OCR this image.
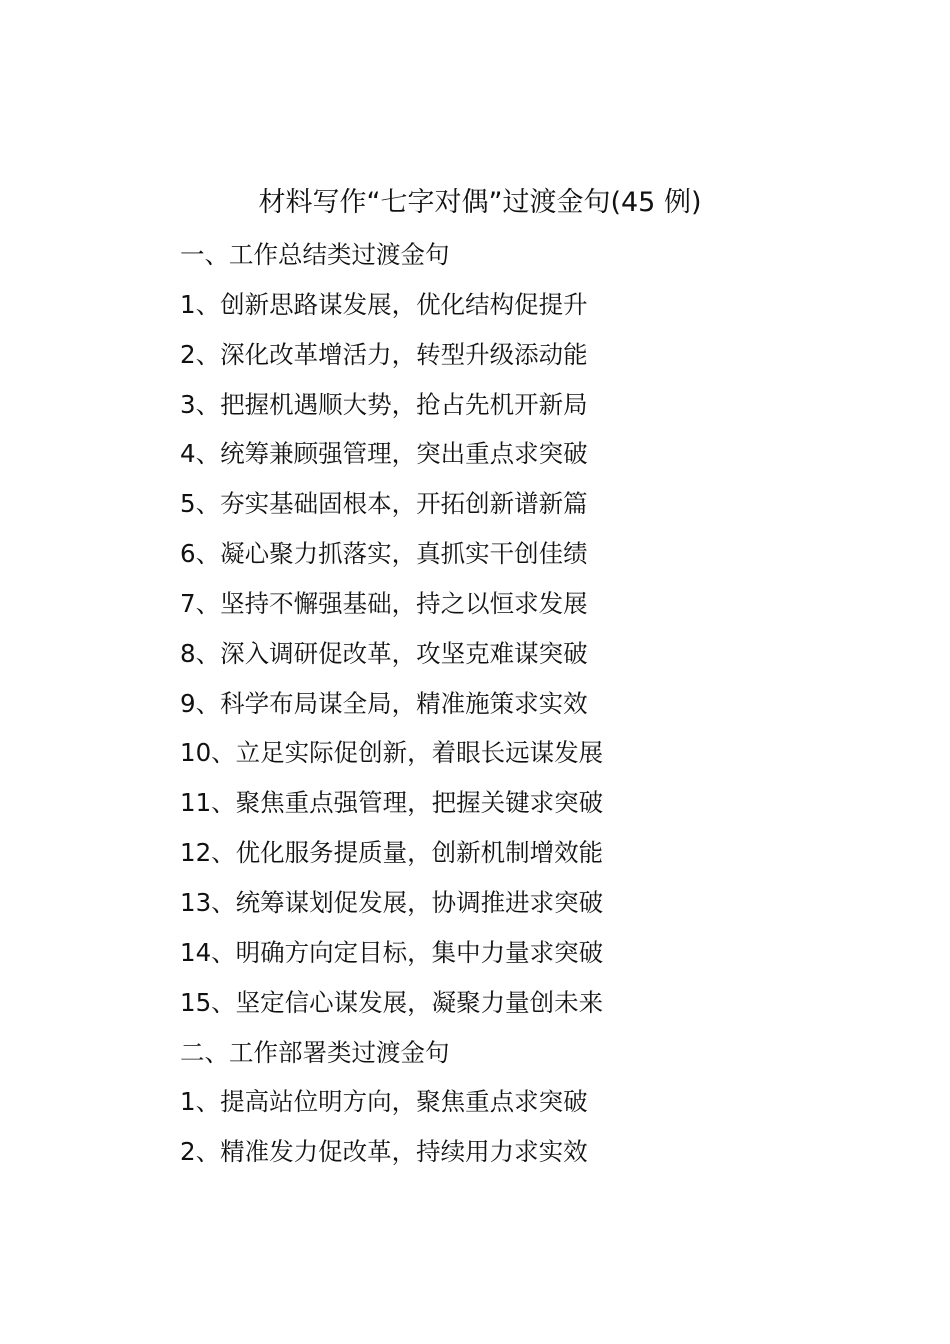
材料写作“七字对偶”过渡金句(45 例)
一、工作总结类过渡金句
1、创新思路谋发展，优化结构促提升
2、深化改革增活力，转型升级添动能
3、把握机遇顺大势，抢占先机开新局
4、统筹兼顾强管理，突出重点求突破
5、夯实基础固根本，开拓创新谱新篇
6、凝心聚力抓落实，真抓实干创佳绩
7、坚持不懈强基础，持之以恒求发展
8、深入调研促改革，攻坚克难谋突破
9、科学布局谋全局，精准施策求实效
10、立足实际促创新，着眼长远谋发展
11、聚焦重点强管理，把握关键求突破
12、优化服务提质量，创新机制增效能
13、统筹谋划促发展，协调推进求突破
14、明确方向定目标，集中力量求突破
15、坚定信心谋发展，凝聚力量创未来
二、工作部署类过渡金句
1、提高站位明方向，聚焦重点求突破
2、精准发力促改革，持续用力求实效
